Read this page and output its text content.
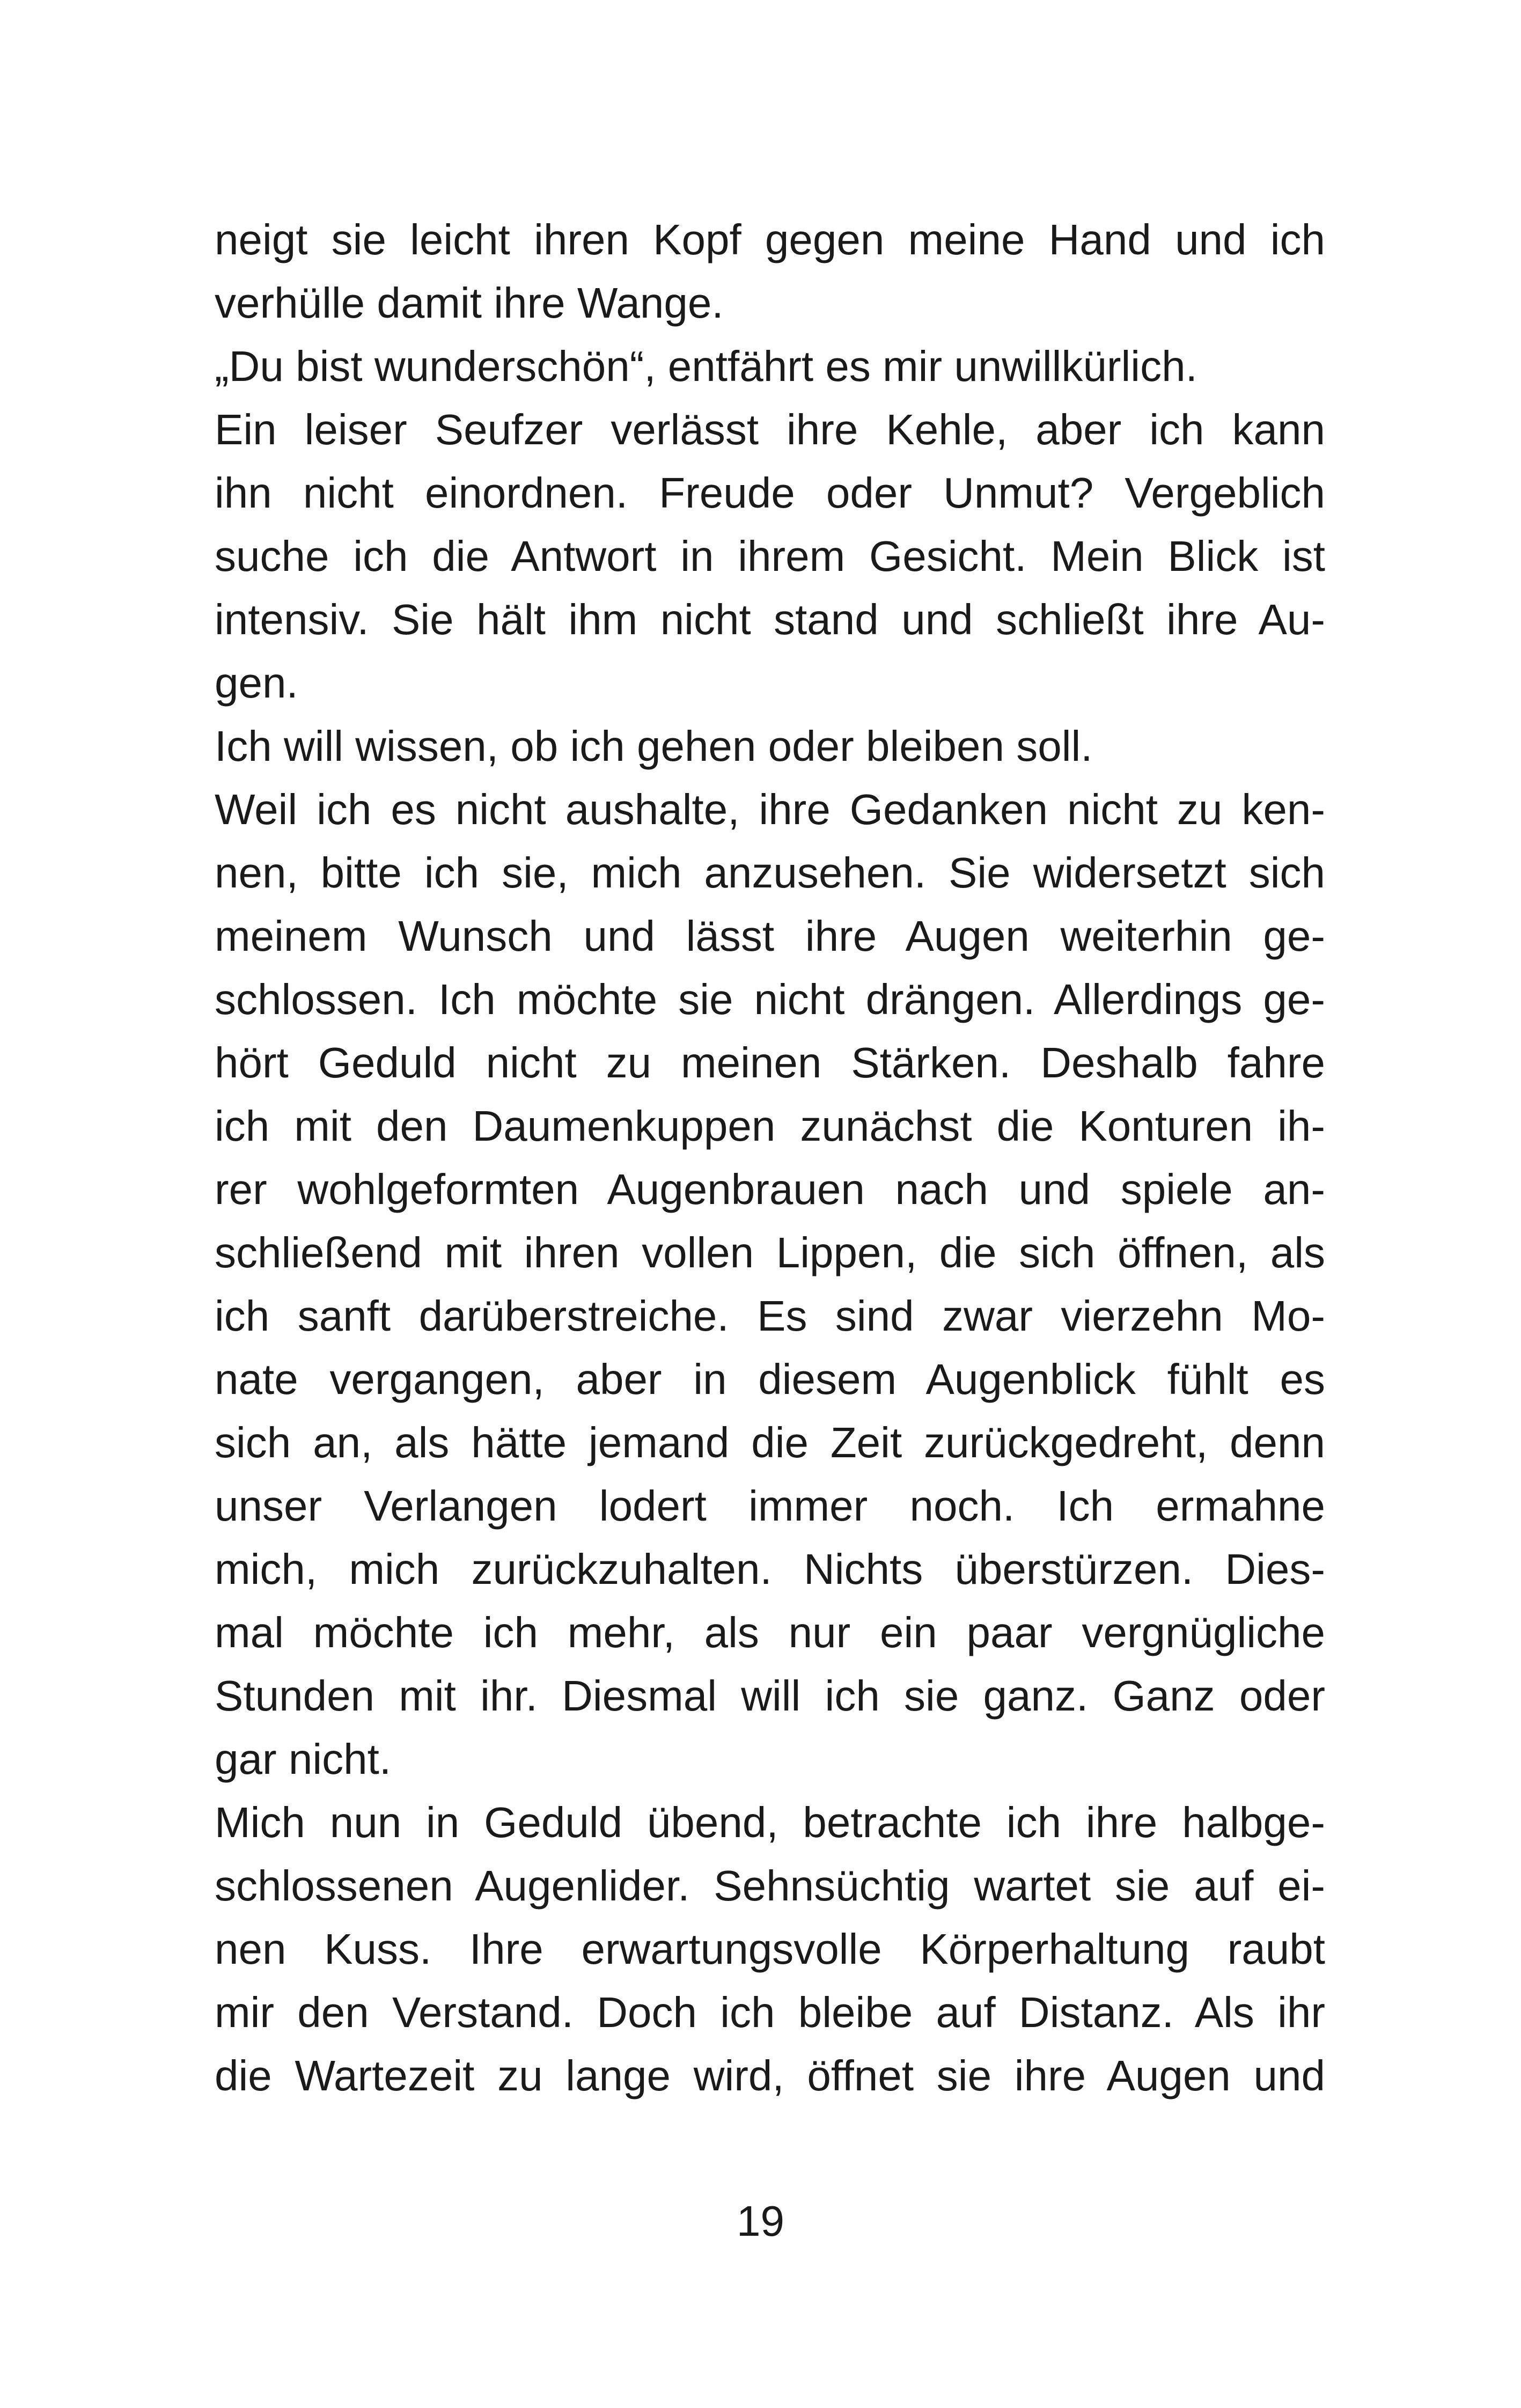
neigt sie leicht ihren Kopf gegen meine Hand und ich
verhülle damit ihre Wange.
„Du bist wunderschön“, entfährt es mir unwillkürlich.
Ein leiser Seufzer verlässt ihre Kehle, aber ich kann
ihn nicht einordnen. Freude oder Unmut? Vergeblich
suche ich die Antwort in ihrem Gesicht. Mein Blick ist
intensiv. Sie hält ihm nicht stand und schließt ihre Au-
gen.
Ich will wissen, ob ich gehen oder bleiben soll.
Weil ich es nicht aushalte, ihre Gedanken nicht zu ken-
nen, bitte ich sie, mich anzusehen. Sie widersetzt sich
meinem Wunsch und lässt ihre Augen weiterhin ge-
schlossen. Ich möchte sie nicht drängen. Allerdings ge-
hört Geduld nicht zu meinen Stärken. Deshalb fahre
ich mit den Daumenkuppen zunächst die Konturen ih-
rer wohlgeformten Augenbrauen nach und spiele an-
schließend mit ihren vollen Lippen, die sich öffnen, als
ich sanft darüberstreiche. Es sind zwar vierzehn Mo-
nate vergangen, aber in diesem Augenblick fühlt es
sich an, als hätte jemand die Zeit zurückgedreht, denn
unser Verlangen lodert immer noch. Ich ermahne
mich, mich zurückzuhalten. Nichts überstürzen. Dies-
mal möchte ich mehr, als nur ein paar vergnügliche
Stunden mit ihr. Diesmal will ich sie ganz. Ganz oder
gar nicht.
Mich nun in Geduld übend, betrachte ich ihre halbge-
schlossenen Augenlider. Sehnsüchtig wartet sie auf ei-
nen Kuss. Ihre erwartungsvolle Körperhaltung raubt
mir den Verstand. Doch ich bleibe auf Distanz. Als ihr
die Wartezeit zu lange wird, öffnet sie ihre Augen und
19
